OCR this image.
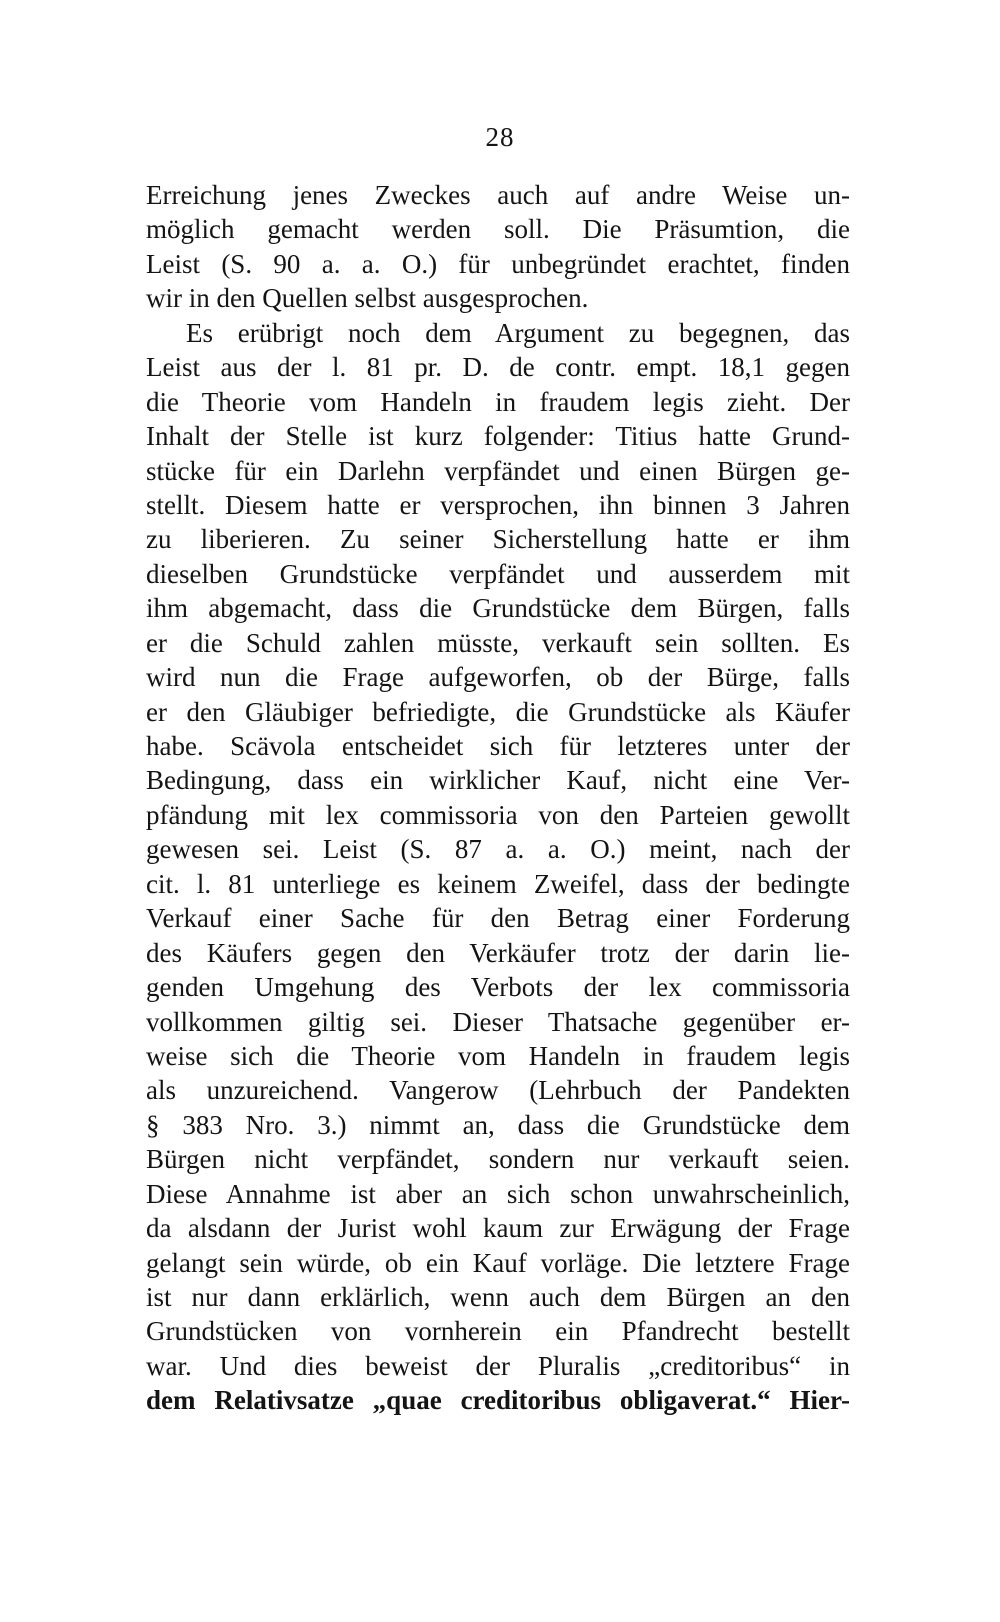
28
Erreichung jenes Zweckes auch auf andre Weise un-
möglich gemacht werden soll. Die Präsumtion, die
Leist (S. 90 a. a. O.) für unbegründet erachtet, finden
wir in den Quellen selbst ausgesprochen.
Es erübrigt noch dem Argument zu begegnen, das
Leist aus der l. 81 pr. D. de contr. empt. 18,1 gegen
die Theorie vom Handeln in fraudem legis zieht. Der
Inhalt der Stelle ist kurz folgender: Titius hatte Grund-
stücke für ein Darlehn verpfändet und einen Bürgen ge-
stellt. Diesem hatte er versprochen, ihn binnen 3 Jahren
zu liberieren. Zu seiner Sicherstellung hatte er ihm
dieselben Grundstücke verpfändet und ausserdem mit
ihm abgemacht, dass die Grundstücke dem Bürgen, falls
er die Schuld zahlen müsste, verkauft sein sollten. Es
wird nun die Frage aufgeworfen, ob der Bürge, falls
er den Gläubiger befriedigte, die Grundstücke als Käufer
habe. Scävola entscheidet sich für letzteres unter der
Bedingung, dass ein wirklicher Kauf, nicht eine Ver-
pfändung mit lex commissoria von den Parteien gewollt
gewesen sei. Leist (S. 87 a. a. O.) meint, nach der
cit. l. 81 unterliege es keinem Zweifel, dass der bedingte
Verkauf einer Sache für den Betrag einer Forderung
des Käufers gegen den Verkäufer trotz der darin lie-
genden Umgehung des Verbots der lex commissoria
vollkommen giltig sei. Dieser Thatsache gegenüber er-
weise sich die Theorie vom Handeln in fraudem legis
als unzureichend. Vangerow (Lehrbuch der Pandekten
§ 383 Nro. 3.) nimmt an, dass die Grundstücke dem
Bürgen nicht verpfändet, sondern nur verkauft seien.
Diese Annahme ist aber an sich schon unwahrscheinlich,
da alsdann der Jurist wohl kaum zur Erwägung der Frage
gelangt sein würde, ob ein Kauf vorläge. Die letztere Frage
ist nur dann erklärlich, wenn auch dem Bürgen an den
Grundstücken von vornherein ein Pfandrecht bestellt
war. Und dies beweist der Pluralis „creditoribus“ in
dem Relativsatze „quae creditoribus obligaverat.“ Hier-
